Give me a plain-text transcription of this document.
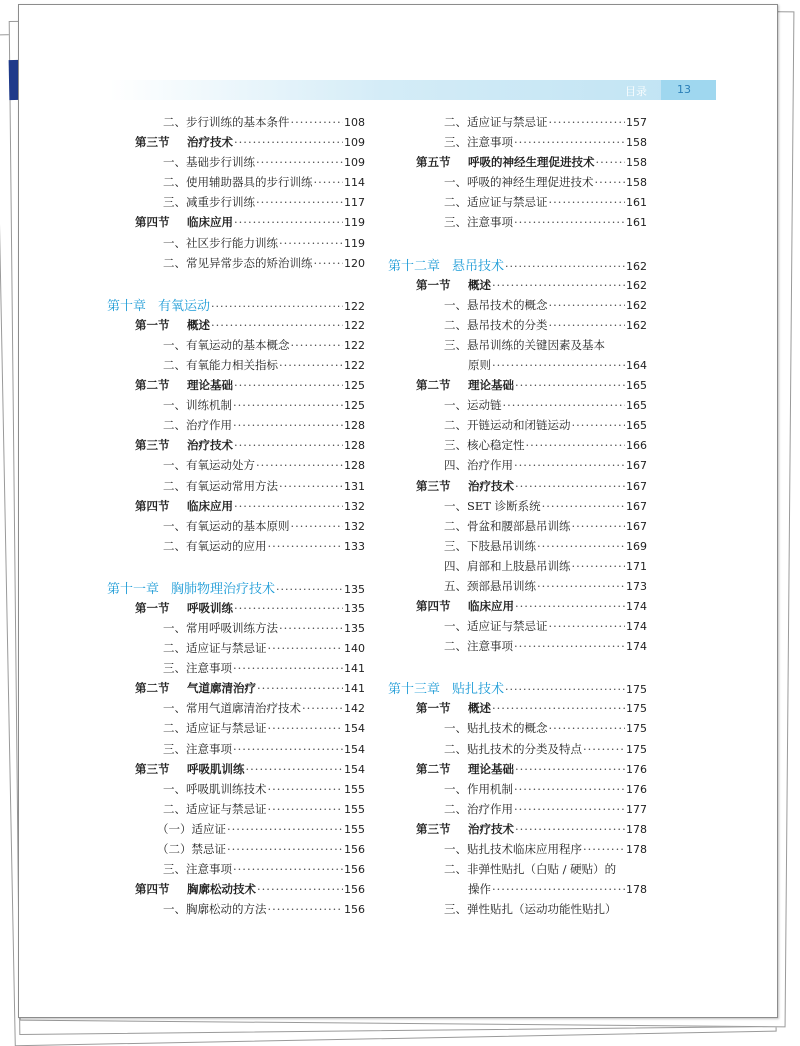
目录	13
二、步行训练的基本条件 ·····	108
第三节 治疗技术 ·····	109
一、基础步行训练 ·····	109
二、使用辅助器具的步行训练 ·····	114
三、减重步行训练 ·····	117
第四节 临床应用 ·····	119
一、社区步行能力训练 ·····	119
二、常见异常步态的矫治训练 ·····	120
第十章 有氧运动 ·····	122
第一节 概述 ·····	122
一、有氧运动的基本概念 ·····	122
二、有氧能力相关指标 ·····	122
第二节 理论基础 ·····	125
一、训练机制 ·····	125
二、治疗作用 ·····	128
第三节 治疗技术 ·····	128
一、有氧运动处方 ·····	128
二、有氧运动常用方法 ·····	131
第四节 临床应用 ·····	132
一、有氧运动的基本原则 ·····	132
二、有氧运动的应用 ·····	133
第十一章 胸肺物理治疗技术 ·····	135
第一节 呼吸训练 ·····	135
一、常用呼吸训练方法 ·····	135
二、适应证与禁忌证 ·····	140
三、注意事项 ·····	141
第二节 气道廓清治疗 ·····	141
一、常用气道廓清治疗技术 ·····	142
二、适应证与禁忌证 ·····	154
三、注意事项 ·····	154
第三节 呼吸肌训练 ·····	154
一、呼吸肌训练技术 ·····	155
二、适应证与禁忌证 ·····	155
（一）适应证 ·····	155
（二）禁忌证 ·····	156
三、注意事项 ·····	156
第四节 胸廓松动技术 ·····	156
一、胸廓松动的方法 ·····	156
二、适应证与禁忌证 ·····	157
三、注意事项 ·····	158
第五节 呼吸的神经生理促进技术 ·····	158
一、呼吸的神经生理促进技术 ·····	158
二、适应证与禁忌证 ·····	161
三、注意事项 ·····	161
第十二章 悬吊技术 ·····	162
第一节 概述 ·····	162
一、悬吊技术的概念 ·····	162
二、悬吊技术的分类 ·····	162
三、悬吊训练的关键因素及基本
原则 ·····	164
第二节 理论基础 ·····	165
一、运动链 ·····	165
二、开链运动和闭链运动 ·····	165
三、核心稳定性 ·····	166
四、治疗作用 ·····	167
第三节 治疗技术 ·····	167
一、SET 诊断系统 ·····	167
二、骨盆和腰部悬吊训练 ·····	167
三、下肢悬吊训练 ·····	169
四、肩部和上肢悬吊训练 ·····	171
五、颈部悬吊训练 ·····	173
第四节 临床应用 ·····	174
一、适应证与禁忌证 ·····	174
二、注意事项 ·····	174
第十三章 贴扎技术 ·····	175
第一节 概述 ·····	175
一、贴扎技术的概念 ·····	175
二、贴扎技术的分类及特点 ·····	175
第二节 理论基础 ·····	176
一、作用机制 ·····	176
二、治疗作用 ·····	177
第三节 治疗技术 ·····	178
一、贴扎技术临床应用程序 ·····	178
二、非弹性贴扎（白贴 / 硬贴）的
操作 ·····	178
三、弹性贴扎（运动功能性贴扎）
